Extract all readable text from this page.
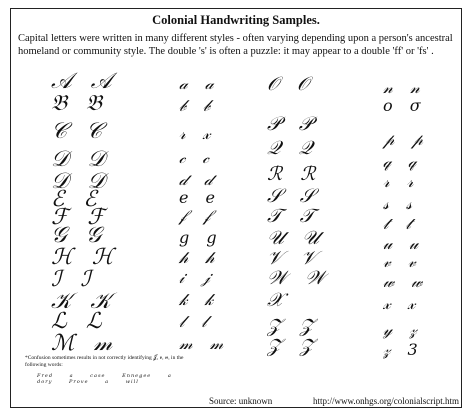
Colonial Handwriting Samples.
Capital letters were written in many different styles - often varying depending upon a person's ancestral homeland or community style. The double 's' is often a puzzle: it may appear to a double 'ff' or 'fs' .
𝒜 𝒜
𝔅 𝔅
𝒞 𝒞
𝒟 𝒟
𝒟 𝒟
ℰ ℰ
ℱ ℱ
𝒢 𝒢
ℋ ℋ
ℐ ℐ
𝒦 𝒦
ℒ ℒ
ℳ 𝓂
𝒶 𝒶
𝒷 𝒷
𝓇 𝓍
𝒸 𝒸
𝒹 𝒹
𝑒 𝑒
𝒻 𝒻
𝑔 𝑔
𝒽 𝒽
𝒾 𝒿
𝓀 𝓀
𝓁 𝓁
𝓂 𝓂
𝒪 𝒪
𝒫 𝒫
𝒬 𝒬
ℛ ℛ
𝒮 𝒮
𝒯 𝒯
𝒰 𝒰
𝒱 𝒱
𝒲 𝒲
𝒳
𝒵 𝒵
𝒵 𝒵
𝓃 𝓃
𝑜 𝜎
𝓅 𝓅
𝓆 𝓆
𝓇 𝓇
𝓈 𝓈
𝓉 𝓉
𝓊 𝓊
𝓋 𝓋
𝓌 𝓌
𝓍 𝓍
𝓎 𝓏
𝓏 3
*Confusion sometimes results in not correctly identifying 𝒥, e, 𝓃, in the following words:
Fred a case	Ennegee a dory	Prove a will
Source: unknown	http://www.onhgs.org/colonialscript.htm
